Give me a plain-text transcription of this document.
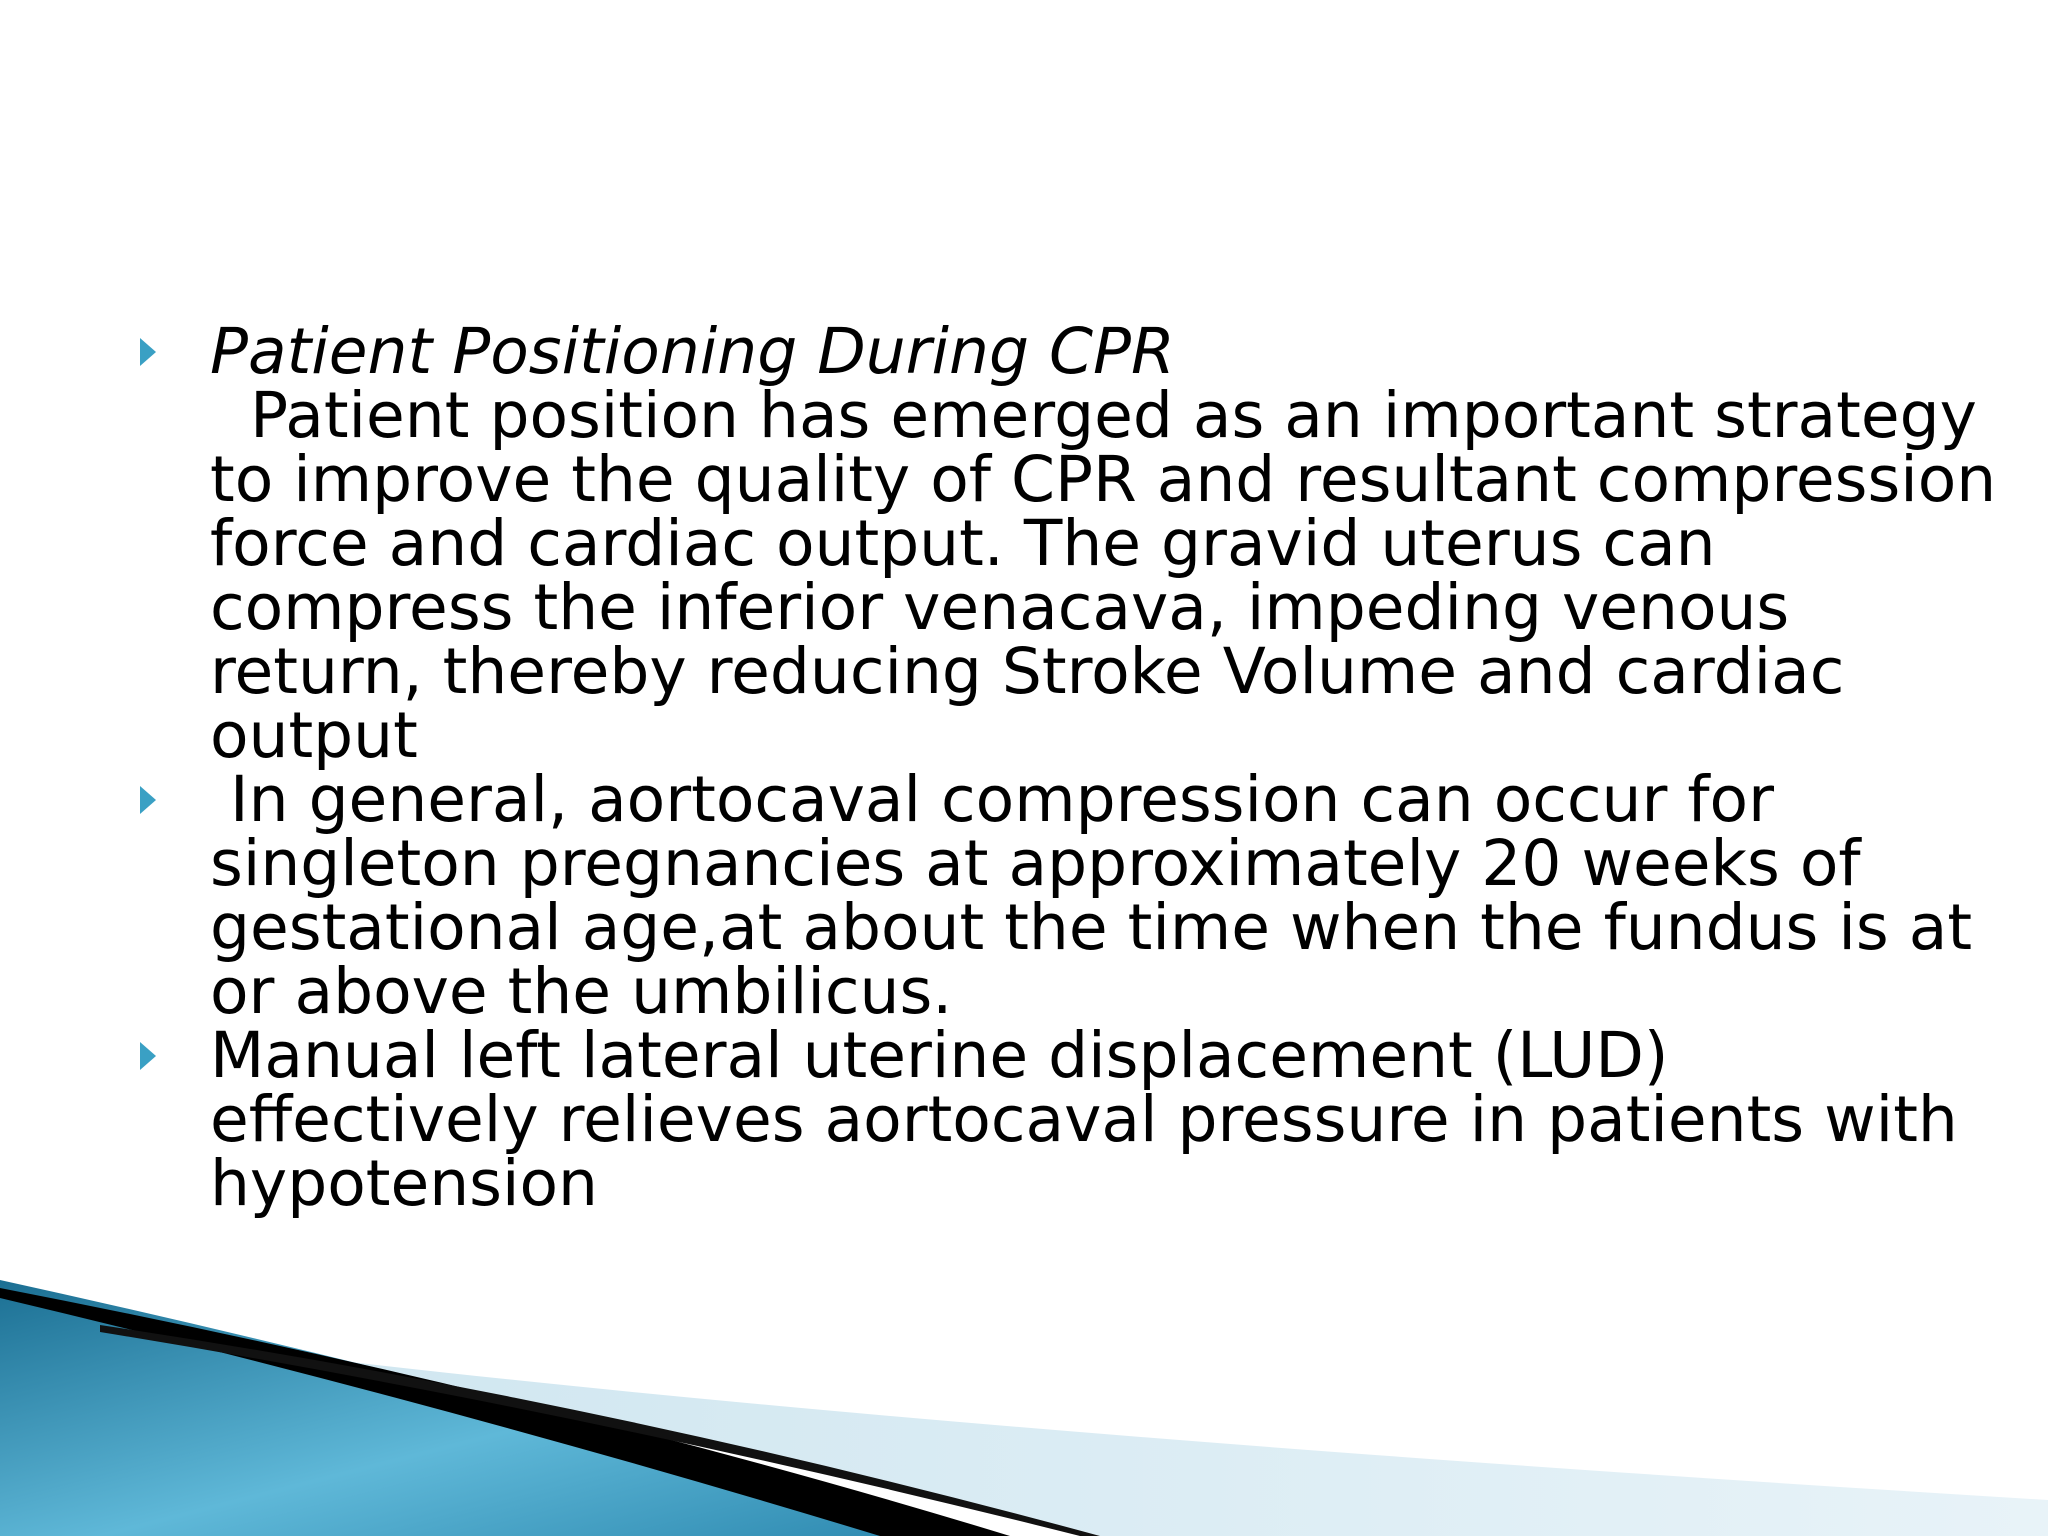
Patient Positioning During CPR
Patient position has emerged as an important strategy to improve the quality of CPR and resultant compression force and cardiac output. The gravid uterus can compress the inferior venacava, impeding venous return, thereby reducing Stroke Volume and cardiac output
In general, aortocaval compression can occur for singleton pregnancies at approximately 20 weeks of gestational age,at about the time when the fundus is at or above the umbilicus.
Manual left lateral uterine displacement (LUD) effectively relieves aortocaval pressure in patients with hypotension
